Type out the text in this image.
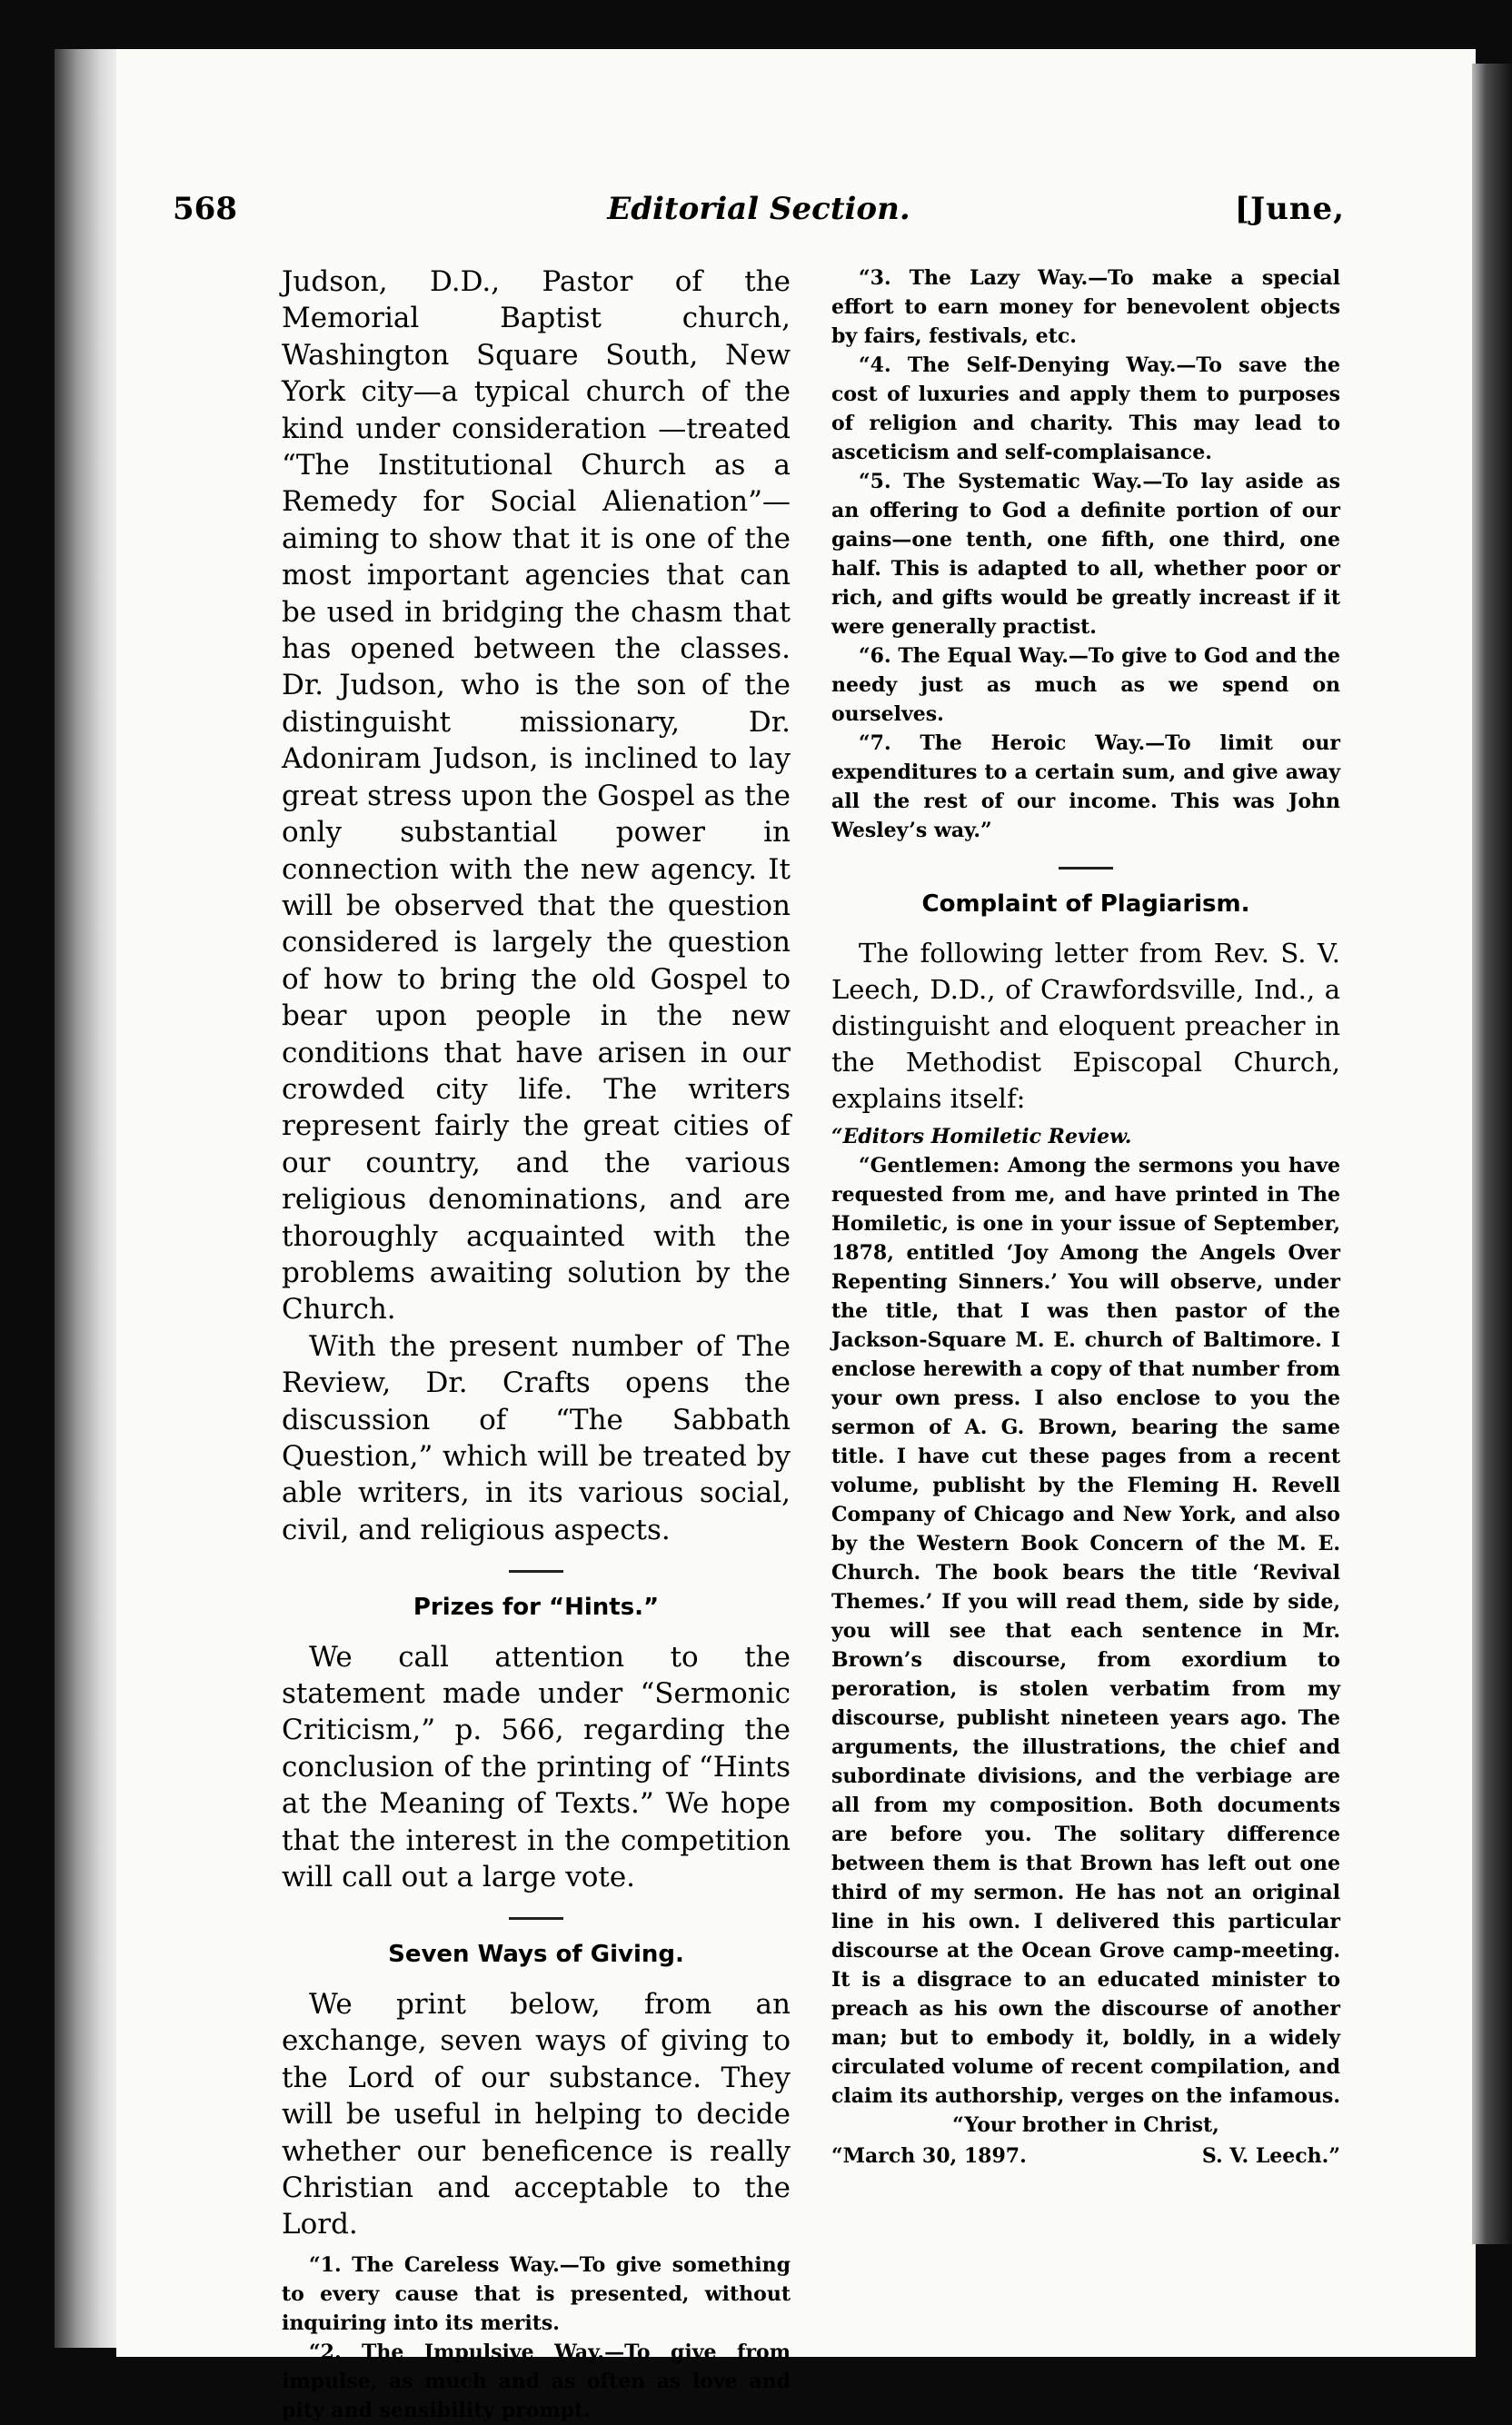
568	Editorial Section.	[June,

Judson, D.D., Pastor of the Memorial Baptist church, Washington Square South, New York city—a typical church of the kind under consideration —treated “The Institutional Church as a Remedy for Social Alienation”—aiming to show that it is one of the most important agencies that can be used in bridging the chasm that has opened between the classes. Dr. Judson, who is the son of the distinguisht missionary, Dr. Adoniram Judson, is inclined to lay great stress upon the Gospel as the only substantial power in connection with the new agency. It will be observed that the question considered is largely the question of how to bring the old Gospel to bear upon people in the new conditions that have arisen in our crowded city life. The writers represent fairly the great cities of our country, and the various religious denominations, and are thoroughly acquainted with the problems awaiting solution by the Church.

With the present number of The Review, Dr. Crafts opens the discussion of “The Sabbath Question,” which will be treated by able writers, in its various social, civil, and religious aspects.

Prizes for “Hints.”

We call attention to the statement made under “Sermonic Criticism,” p. 566, regarding the conclusion of the printing of “Hints at the Meaning of Texts.” We hope that the interest in the competition will call out a large vote.

Seven Ways of Giving.

We print below, from an exchange, seven ways of giving to the Lord of our substance. They will be useful in helping to decide whether our beneficence is really Christian and acceptable to the Lord.

“1. The Careless Way.—To give something to every cause that is presented, without inquiring into its merits.

“2. The Impulsive Way.—To give from impulse, as much and as often as love and pity and sensibility prompt.

“3. The Lazy Way.—To make a special effort to earn money for benevolent objects by fairs, festivals, etc.

“4. The Self-Denying Way.—To save the cost of luxuries and apply them to purposes of religion and charity. This may lead to asceticism and self-complaisance.

“5. The Systematic Way.—To lay aside as an offering to God a definite portion of our gains—one tenth, one fifth, one third, one half. This is adapted to all, whether poor or rich, and gifts would be greatly increast if it were generally practist.

“6. The Equal Way.—To give to God and the needy just as much as we spend on ourselves.

“7. The Heroic Way.—To limit our expenditures to a certain sum, and give away all the rest of our income. This was John Wesley’s way.”

Complaint of Plagiarism.

The following letter from Rev. S. V. Leech, D.D., of Crawfordsville, Ind., a distinguisht and eloquent preacher in the Methodist Episcopal Church, explains itself:

“Editors Homiletic Review.

“Gentlemen: Among the sermons you have requested from me, and have printed in The Homiletic, is one in your issue of September, 1878, entitled ‘Joy Among the Angels Over Repenting Sinners.’ You will observe, under the title, that I was then pastor of the Jackson-Square M. E. church of Baltimore. I enclose herewith a copy of that number from your own press. I also enclose to you the sermon of A. G. Brown, bearing the same title. I have cut these pages from a recent volume, publisht by the Fleming H. Revell Company of Chicago and New York, and also by the Western Book Concern of the M. E. Church. The book bears the title ‘Revival Themes.’ If you will read them, side by side, you will see that each sentence in Mr. Brown’s discourse, from exordium to peroration, is stolen verbatim from my discourse, publisht nineteen years ago. The arguments, the illustrations, the chief and subordinate divisions, and the verbiage are all from my composition. Both documents are before you. The solitary difference between them is that Brown has left out one third of my sermon. He has not an original line in his own. I delivered this particular discourse at the Ocean Grove camp-meeting. It is a disgrace to an educated minister to preach as his own the discourse of another man; but to embody it, boldly, in a widely circulated volume of recent compilation, and claim its authorship, verges on the infamous.

“Your brother in Christ,
“March 30, 1897.	S. V. Leech.”
